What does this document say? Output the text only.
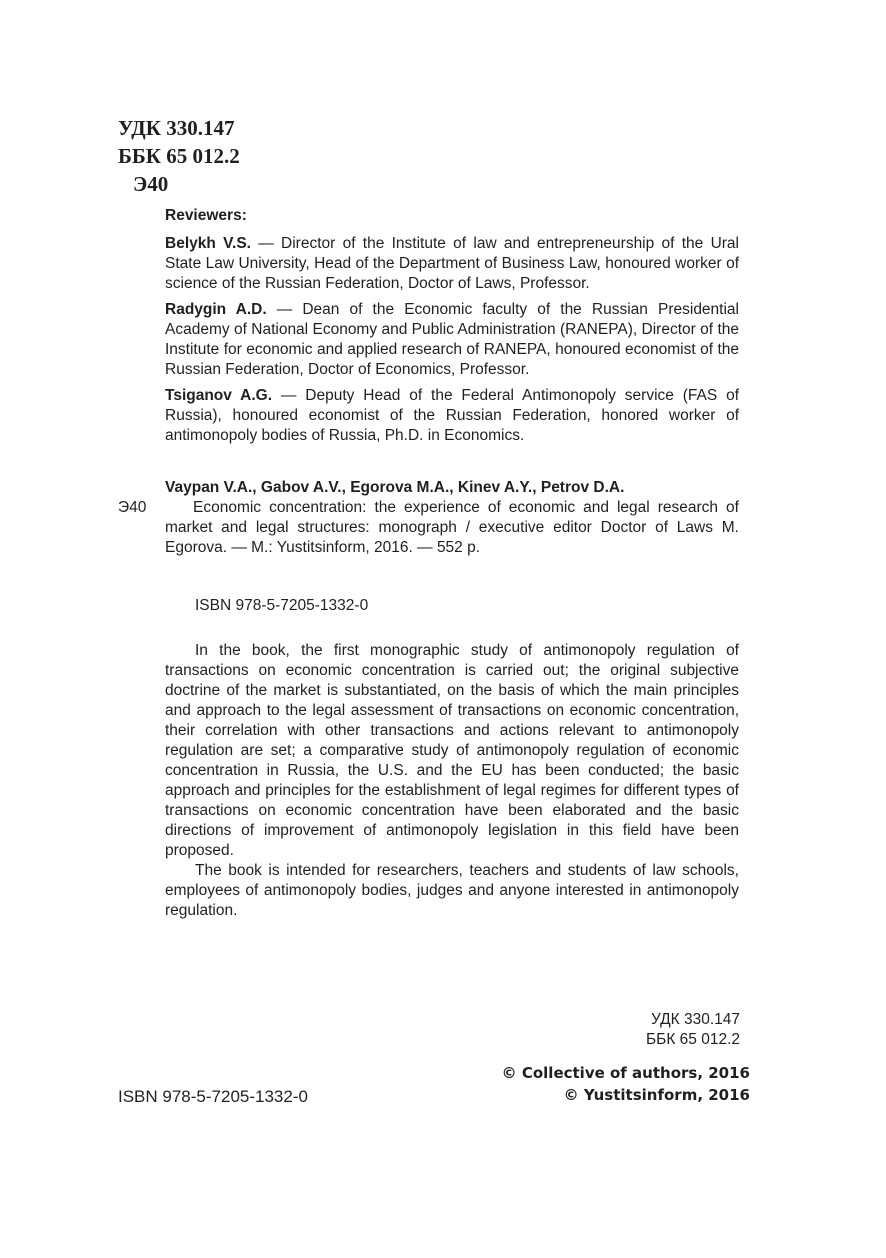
УДК 330.147
ББК 65 012.2
Э40
Reviewers:
Belykh V.S. — Director of the Institute of law and entrepreneurship of the Ural State Law University, Head of the Department of Business Law, honoured worker of science of the Russian Federation, Doctor of Laws, Professor.
Radygin A.D. — Dean of the Economic faculty of the Russian Presidential Academy of National Economy and Public Administration (RANEPA), Director of the Institute for economic and applied research of RANEPA, honoured economist of the Russian Federation, Doctor of Economics, Professor.
Tsiganov A.G. — Deputy Head of the Federal Antimonopoly service (FAS of Russia), honoured economist of the Russian Federation, honored worker of antimonopoly bodies of Russia, Ph.D. in Economics.
Vaypan V.A., Gabov A.V., Egorova M.A., Kinev A.Y., Petrov D.A.
Э40	Economic concentration: the experience of economic and legal research of market and legal structures: monograph / executive editor Doctor of Laws M. Egorova. — M.: Yustitsinform, 2016. — 552 p.
ISBN 978-5-7205-1332-0

In the book, the first monographic study of antimonopoly regulation of transactions on economic concentration is carried out; the original subjective doctrine of the market is substantiated, on the basis of which the main principles and approach to the legal assessment of transactions on economic concentration, their correlation with other transactions and actions relevant to antimonopoly regulation are set; a comparative study of antimonopoly regulation of economic concentration in Russia, the U.S. and the EU has been conducted; the basic approach and principles for the establishment of legal regimes for different types of transactions on economic concentration have been elaborated and the basic directions of improvement of antimonopoly legislation in this field have been proposed.

The book is intended for researchers, teachers and students of law schools, employees of antimonopoly bodies, judges and anyone interested in antimonopoly regulation.

УДК 330.147
ББК 65 012.2
ISBN 978-5-7205-1332-0
© Collective of authors, 2016
© Yustitsinform, 2016
